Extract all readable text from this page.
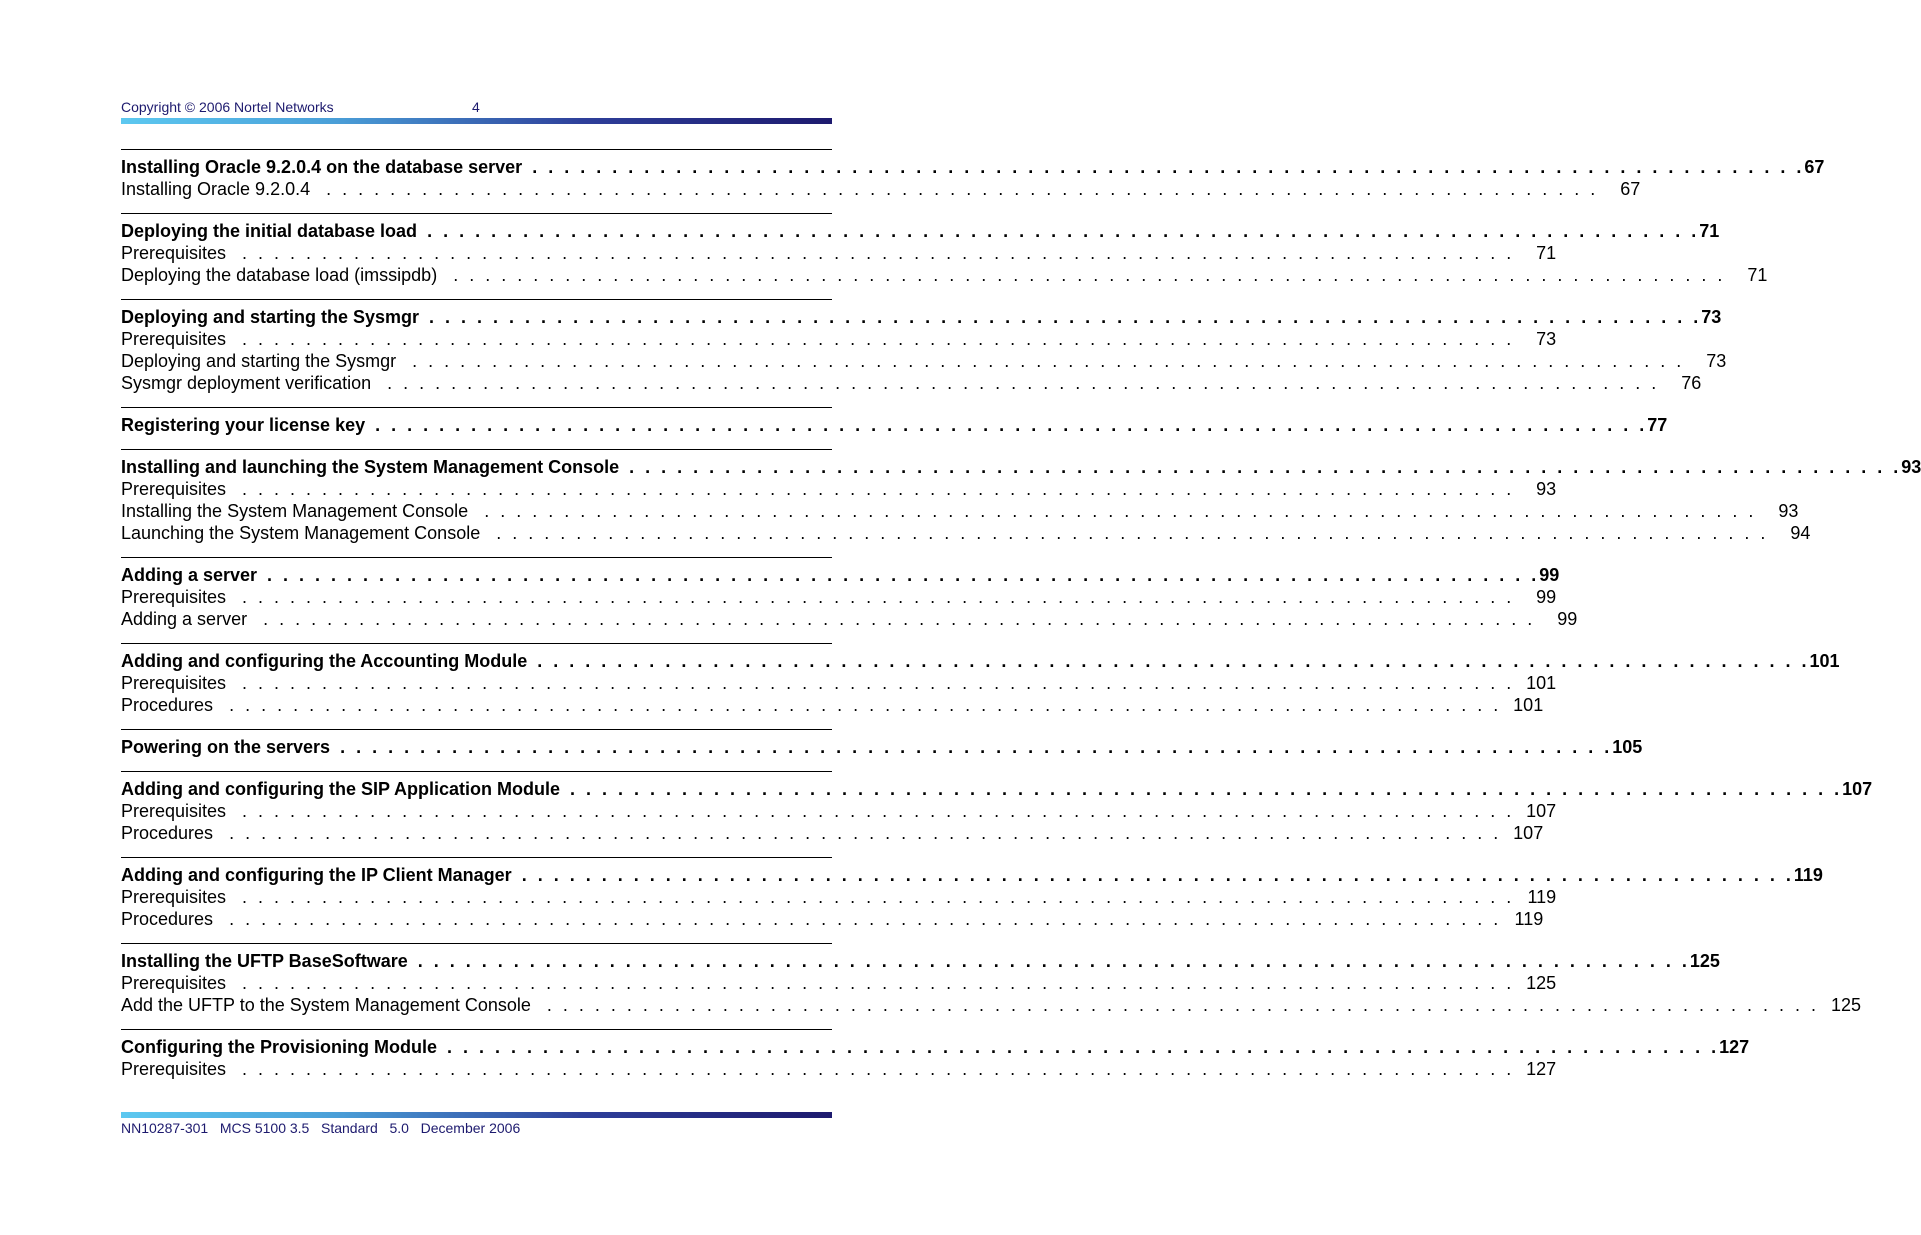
Copyright © 2006 Nortel Networks	4
Installing Oracle 9.2.0.4 on the database server . . . . . . . . . . . . . . . . . . . . . . . . . . . . . . . . . . . . . . . . . . . . . . . . . . . . . . . . . . . . . . . . . . . . . . . . . . . . . . . . 67
Installing Oracle 9.2.0.4 . . . . . . . . . . . . . . . . . . . . . . . . . . . . . . . . . . . . . . . . . . . . . . . . . . . . . . . . . . . . . . . . . . . . . . . . . . . . . . . .	67
Deploying the initial database load . . . . . . . . . . . . . . . . . . . . . . . . . . . . . . . . . . . . . . . . . . . . . . . . . . . . . . . . . . . . . . . . . . . . . . . . . . . . . . . . 71
Prerequisites . . . . . . . . . . . . . . . . . . . . . . . . . . . . . . . . . . . . . . . . . . . . . . . . . . . . . . . . . . . . . . . . . . . . . . . . . . . . . . . .	71
Deploying the database load (imssipdb) . . . . . . . . . . . . . . . . . . . . . . . . . . . . . . . . . . . . . . . . . . . . . . . . . . . . . . . . . . . . . . . . . . . . . . . . . . . . . . . .	71
Deploying and starting the Sysmgr . . . . . . . . . . . . . . . . . . . . . . . . . . . . . . . . . . . . . . . . . . . . . . . . . . . . . . . . . . . . . . . . . . . . . . . . . . . . . . . . 73
Prerequisites . . . . . . . . . . . . . . . . . . . . . . . . . . . . . . . . . . . . . . . . . . . . . . . . . . . . . . . . . . . . . . . . . . . . . . . . . . . . . . . .	73
Deploying and starting the Sysmgr . . . . . . . . . . . . . . . . . . . . . . . . . . . . . . . . . . . . . . . . . . . . . . . . . . . . . . . . . . . . . . . . . . . . . . . . . . . . . . . .	73
Sysmgr deployment verification . . . . . . . . . . . . . . . . . . . . . . . . . . . . . . . . . . . . . . . . . . . . . . . . . . . . . . . . . . . . . . . . . . . . . . . . . . . . . . . .	76
Registering your license key . . . . . . . . . . . . . . . . . . . . . . . . . . . . . . . . . . . . . . . . . . . . . . . . . . . . . . . . . . . . . . . . . . . . . . . . . . . . . . . . 77
Installing and launching the System Management Console . . . . . . . . . . . . . . . . . . . . . . . . . . . . . . . . . . . . . . . . . . . . . . . . . . . . . . . . . . . . . . . . . . . . . . . . . . . . . . . . 93
Prerequisites . . . . . . . . . . . . . . . . . . . . . . . . . . . . . . . . . . . . . . . . . . . . . . . . . . . . . . . . . . . . . . . . . . . . . . . . . . . . . . . .	93
Installing the System Management Console . . . . . . . . . . . . . . . . . . . . . . . . . . . . . . . . . . . . . . . . . . . . . . . . . . . . . . . . . . . . . . . . . . . . . . . . . . . . . . . .	93
Launching the System Management Console . . . . . . . . . . . . . . . . . . . . . . . . . . . . . . . . . . . . . . . . . . . . . . . . . . . . . . . . . . . . . . . . . . . . . . . . . . . . . . . .	94
Adding a server . . . . . . . . . . . . . . . . . . . . . . . . . . . . . . . . . . . . . . . . . . . . . . . . . . . . . . . . . . . . . . . . . . . . . . . . . . . . . . . . 99
Prerequisites . . . . . . . . . . . . . . . . . . . . . . . . . . . . . . . . . . . . . . . . . . . . . . . . . . . . . . . . . . . . . . . . . . . . . . . . . . . . . . . .	99
Adding a server . . . . . . . . . . . . . . . . . . . . . . . . . . . . . . . . . . . . . . . . . . . . . . . . . . . . . . . . . . . . . . . . . . . . . . . . . . . . . . . .	99
Adding and configuring the Accounting Module . . . . . . . . . . . . . . . . . . . . . . . . . . . . . . . . . . . . . . . . . . . . . . . . . . . . . . . . . . . . . . . . . . . . . . . . . . . . . . . . 101
Prerequisites . . . . . . . . . . . . . . . . . . . . . . . . . . . . . . . . . . . . . . . . . . . . . . . . . . . . . . . . . . . . . . . . . . . . . . . . . . . . . . . . 101
Procedures . . . . . . . . . . . . . . . . . . . . . . . . . . . . . . . . . . . . . . . . . . . . . . . . . . . . . . . . . . . . . . . . . . . . . . . . . . . . . . . . 101
Powering on the servers . . . . . . . . . . . . . . . . . . . . . . . . . . . . . . . . . . . . . . . . . . . . . . . . . . . . . . . . . . . . . . . . . . . . . . . . . . . . . . . . 105
Adding and configuring the SIP Application Module . . . . . . . . . . . . . . . . . . . . . . . . . . . . . . . . . . . . . . . . . . . . . . . . . . . . . . . . . . . . . . . . . . . . . . . . . . . . . . . . 107
Prerequisites . . . . . . . . . . . . . . . . . . . . . . . . . . . . . . . . . . . . . . . . . . . . . . . . . . . . . . . . . . . . . . . . . . . . . . . . . . . . . . . . 107
Procedures . . . . . . . . . . . . . . . . . . . . . . . . . . . . . . . . . . . . . . . . . . . . . . . . . . . . . . . . . . . . . . . . . . . . . . . . . . . . . . . . 107
Adding and configuring the IP Client Manager . . . . . . . . . . . . . . . . . . . . . . . . . . . . . . . . . . . . . . . . . . . . . . . . . . . . . . . . . . . . . . . . . . . . . . . . . . . . . . . . 119
Prerequisites . . . . . . . . . . . . . . . . . . . . . . . . . . . . . . . . . . . . . . . . . . . . . . . . . . . . . . . . . . . . . . . . . . . . . . . . . . . . . . . . 119
Procedures . . . . . . . . . . . . . . . . . . . . . . . . . . . . . . . . . . . . . . . . . . . . . . . . . . . . . . . . . . . . . . . . . . . . . . . . . . . . . . . . 119
Installing the UFTP BaseSoftware . . . . . . . . . . . . . . . . . . . . . . . . . . . . . . . . . . . . . . . . . . . . . . . . . . . . . . . . . . . . . . . . . . . . . . . . . . . . . . . . 125
Prerequisites . . . . . . . . . . . . . . . . . . . . . . . . . . . . . . . . . . . . . . . . . . . . . . . . . . . . . . . . . . . . . . . . . . . . . . . . . . . . . . . . 125
Add the UFTP to the System Management Console . . . . . . . . . . . . . . . . . . . . . . . . . . . . . . . . . . . . . . . . . . . . . . . . . . . . . . . . . . . . . . . . . . . . . . . . . . . . . . . . 125
Configuring the Provisioning Module . . . . . . . . . . . . . . . . . . . . . . . . . . . . . . . . . . . . . . . . . . . . . . . . . . . . . . . . . . . . . . . . . . . . . . . . . . . . . . . . 127
Prerequisites . . . . . . . . . . . . . . . . . . . . . . . . . . . . . . . . . . . . . . . . . . . . . . . . . . . . . . . . . . . . . . . . . . . . . . . . . . . . . . . . 127
NN10287-301   MCS 5100 3.5   Standard   5.0   December 2006
